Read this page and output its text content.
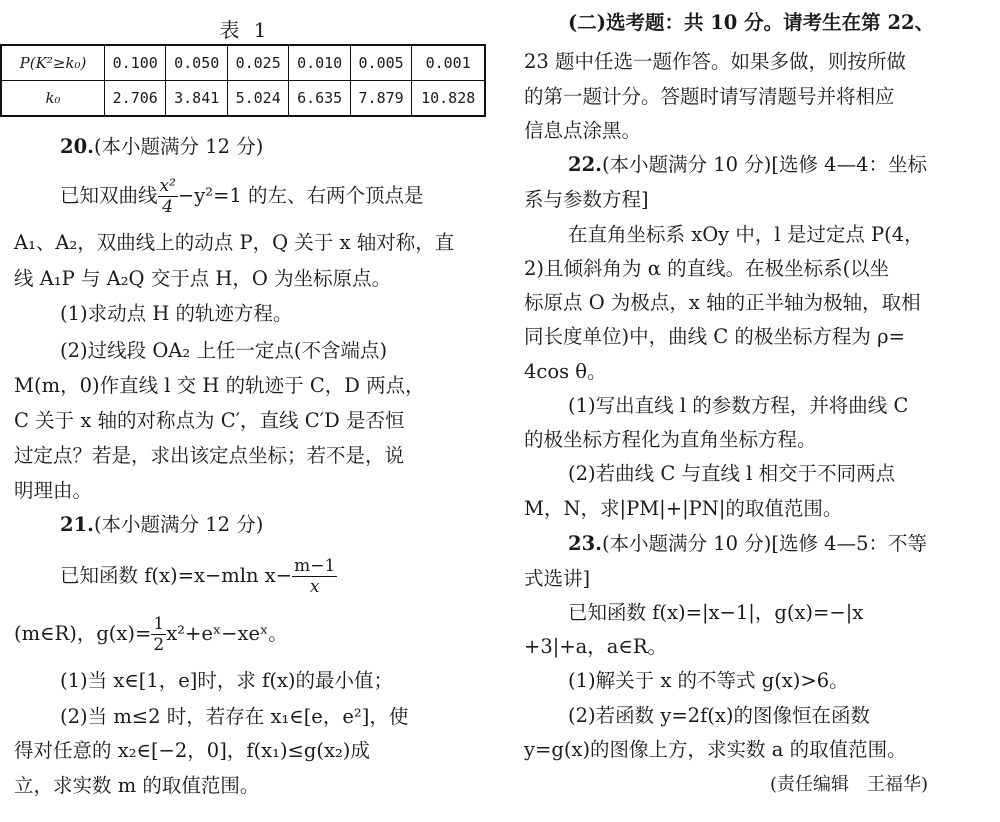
表 1
P(K²≥k₀)	0.100	0.050	0.025	0.010	0.005	0.001
k₀	2.706	3.841	5.024	6.635	7.879	10.828
20.(本小题满分 12 分)
已知双曲线 $\frac{\text{x²}}{4} -y^2=1$ 的左、右两个顶点是
A₁、A₂，双曲线上的动点 P，Q 关于 x 轴对称，直
线 A₁P 与 A₂Q 交于点 H，O 为坐标原点。
(1)求动点 H 的轨迹方程。
(2)过线段 OA₂ 上任一定点(不含端点)
M(m，0)作直线 l 交 H 的轨迹于 C，D 两点，
C 关于 x 轴的对称点为 C′，直线 C′D 是否恒
过定点？若是，求出该定点坐标；若不是，说
明理由。
21.(本小题满分 12 分)
已知函数 f(x)=x−mln $x- \frac{m-1}{x}$
(m∈R)，$g(x)= \frac{1}{2}$ x²+eˣ−xeˣ。
(1)当 x∈[1，e]时，求 f(x)的最小值；
(2)当 m≤2 时，若存在 x₁∈[e，e²]，使
得对任意的 x₂∈[−2，0]，f(x₁)≤g(x₂)成
立，求实数 m 的取值范围。
(二)选考题：共 10 分。请考生在第 22、
23 题中任选一题作答。如果多做，则按所做
的第一题计分。答题时请写清题号并将相应
信息点涂黑。
22.(本小题满分 10 分)[选修 4—4：坐标
系与参数方程]
在直角坐标系 xOy 中，l 是过定点 P(4，
2)且倾斜角为 α 的直线。在极坐标系(以坐
标原点 O 为极点，x 轴的正半轴为极轴，取相
同长度单位)中，曲线 C 的极坐标方程为 ρ=
4cos θ。
(1)写出直线 l 的参数方程，并将曲线 C
的极坐标方程化为直角坐标方程。
(2)若曲线 C 与直线 l 相交于不同两点
M，N，求|PM|+|PN|的取值范围。
23.(本小题满分 10 分)[选修 4—5：不等
式选讲]
已知函数 f(x)=|x−1|，g(x)=−|x
+3|+a，a∈R。
(1)解关于 x 的不等式 g(x)>6。
(2)若函数 y=2f(x)的图像恒在函数
y=g(x)的图像上方，求实数 a 的取值范围。
(责任编辑　王福华)
